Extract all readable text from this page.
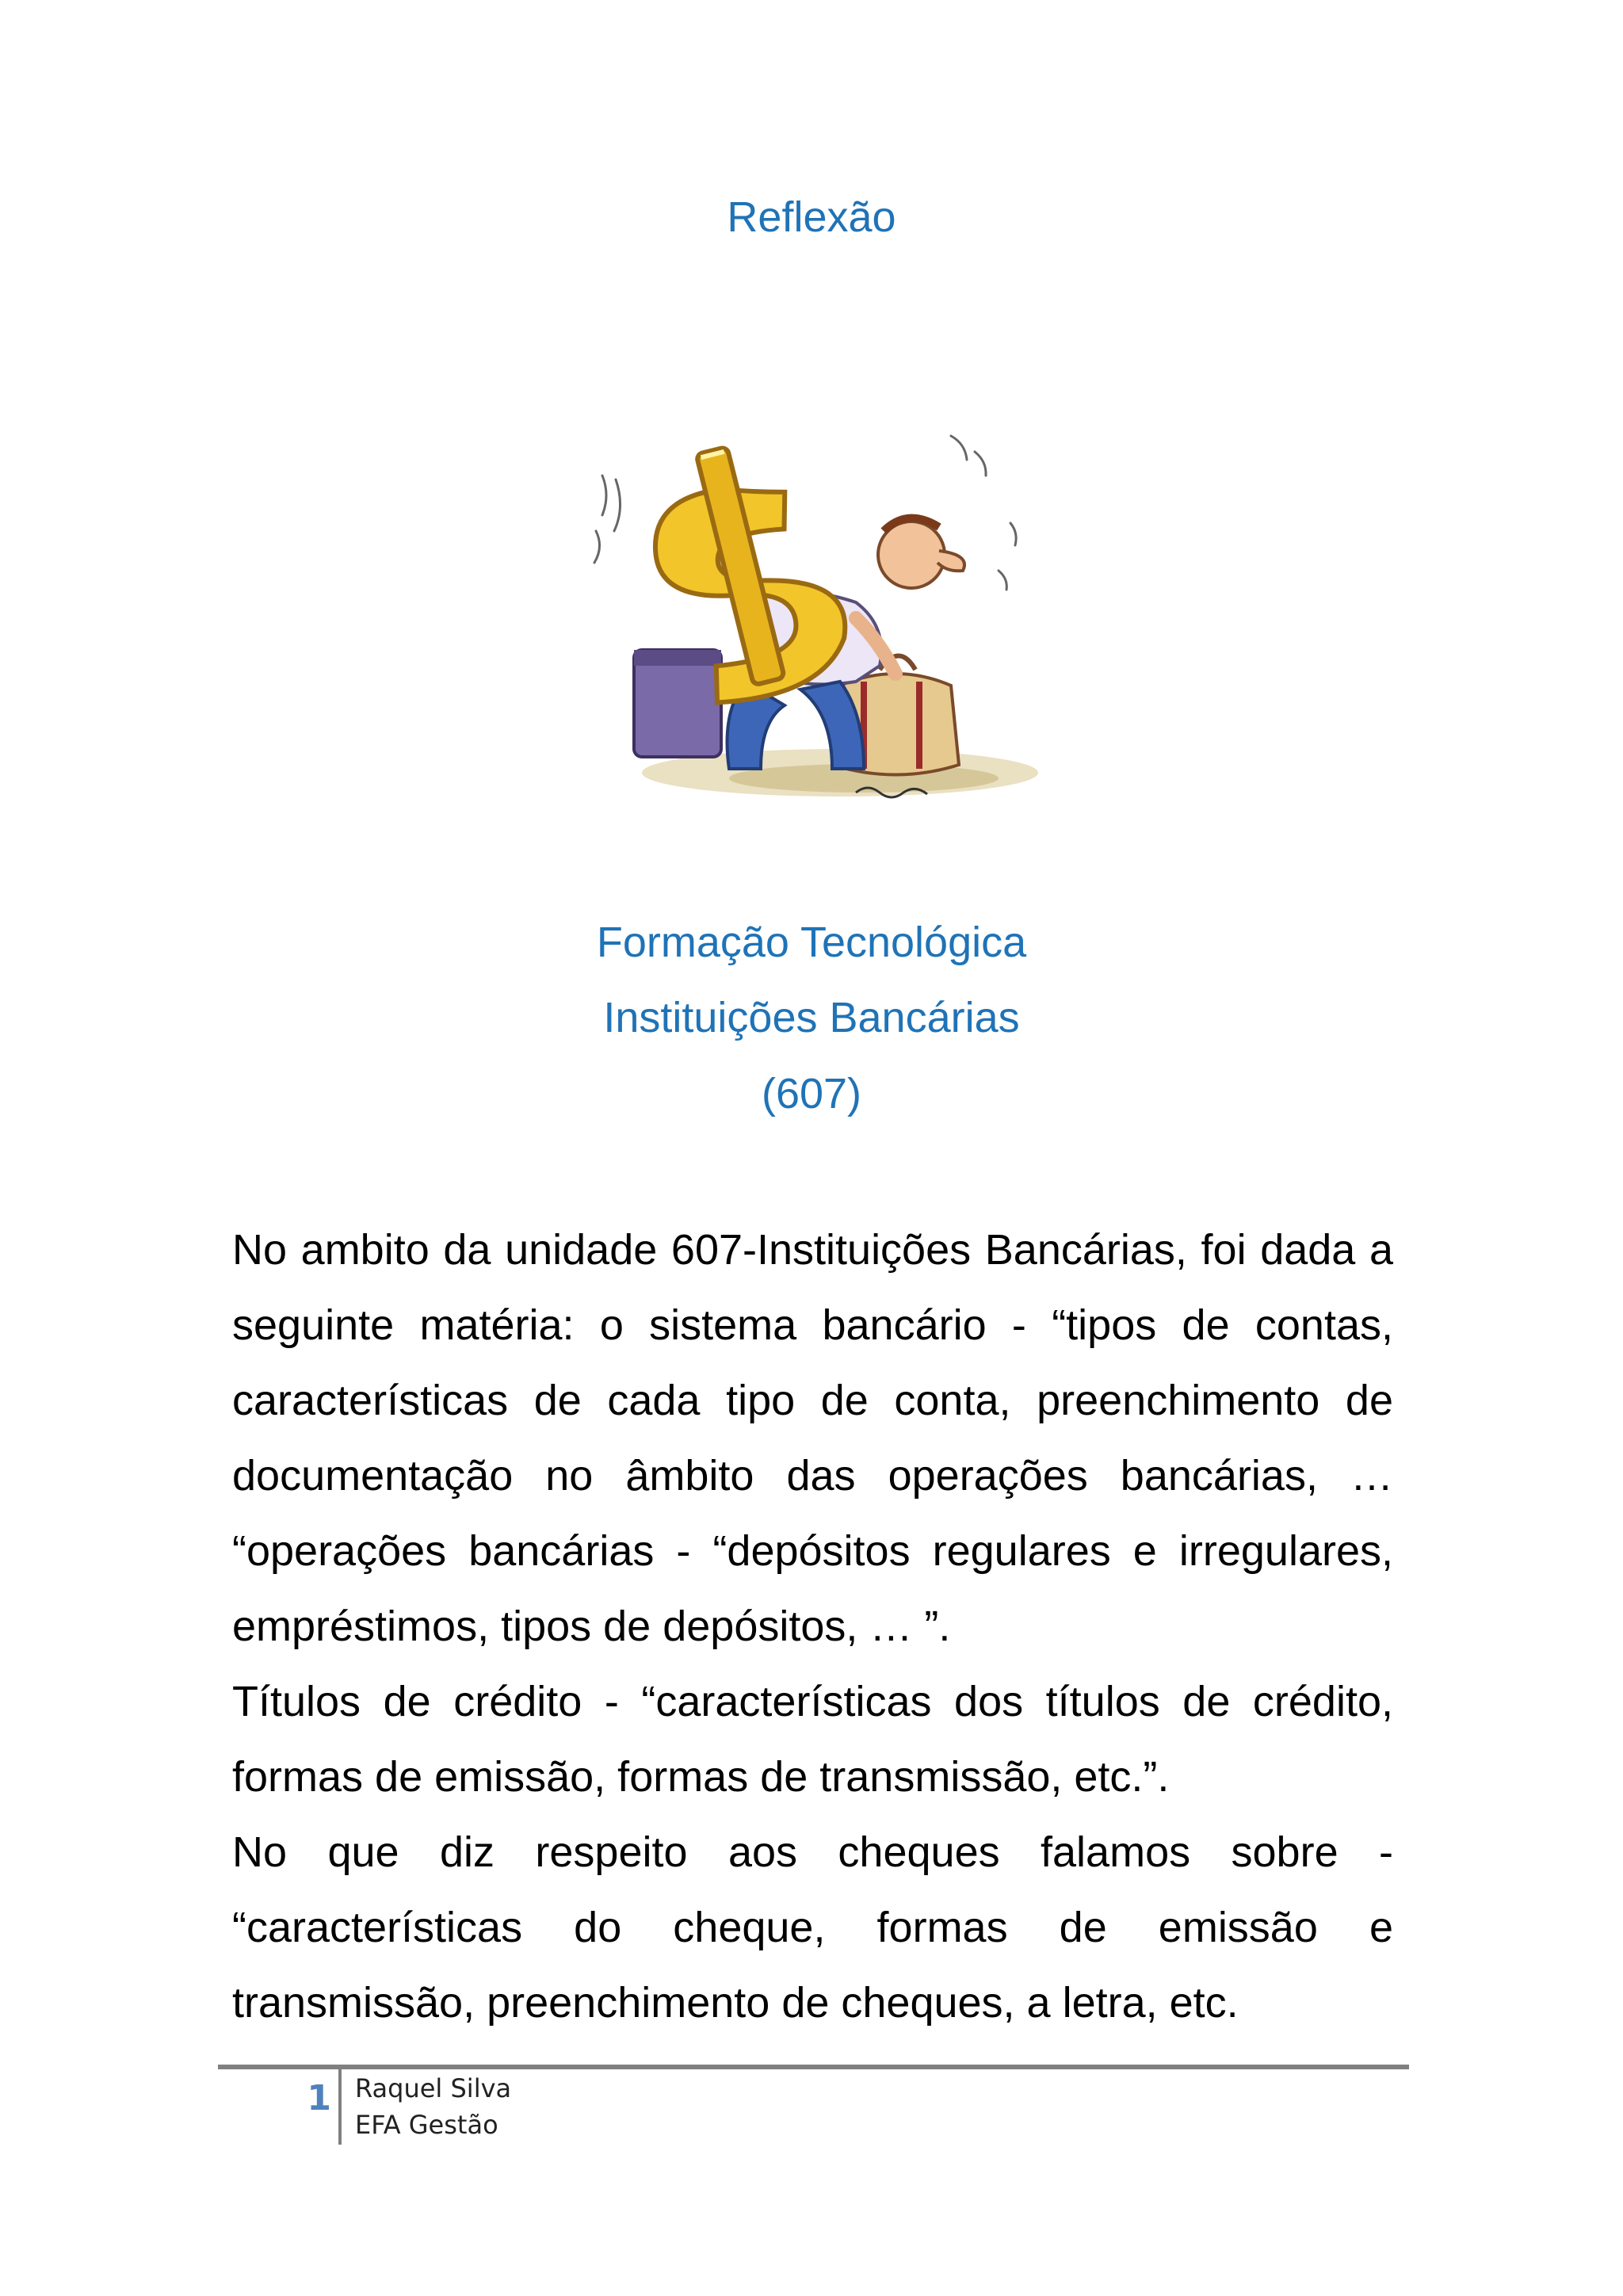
Reflexão
Formação Tecnológica
Instituições Bancárias
(607)

No ambito da unidade 607-Instituições Bancárias, foi dada a seguinte matéria: o sistema bancário - “tipos de contas, características de cada tipo de conta, preenchimento de documentação no âmbito das operações bancárias, … “operações bancárias - “depósitos regulares e irregulares, empréstimos, tipos de depósitos, … ”.

Títulos de crédito - “características dos títulos de crédito, formas de emissão, formas de transmissão, etc.”.

No que diz respeito aos cheques falamos sobre - “características do cheque, formas de emissão e transmissão, preenchimento de cheques, a letra, etc.

1 Raquel Silva
EFA Gestão
